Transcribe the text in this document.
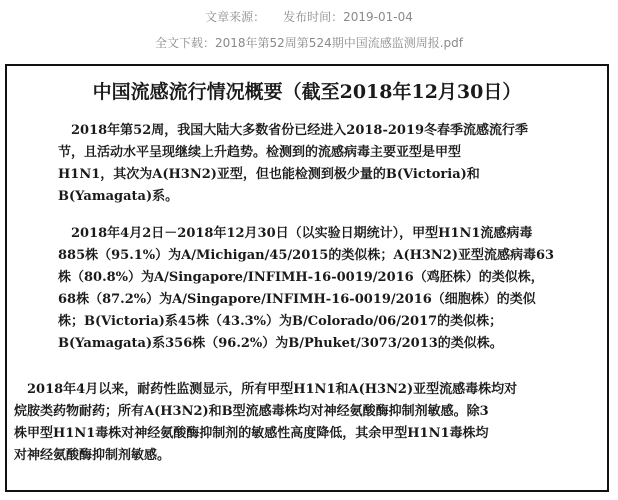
文章来源： 发布时间：2019-01-04
全文下载：2018年第52周第524期中国流感监测周报.pdf
中国流感流行情况概要（截至2018年12月30日）

2018年第52周，我国大陆大多数省份已经进入2018-2019冬春季流感流行季
节，且活动水平呈现继续上升趋势。检测到的流感病毒主要亚型是甲型
H1N1，其次为A(H3N2)亚型，但也能检测到极少量的B(Victoria)和
B(Yamagata)系。

2018年4月2日－2018年12月30日（以实验日期统计），甲型H1N1流感病毒
885株（95.1%）为A/Michigan/45/2015的类似株；A(H3N2)亚型流感病毒63
株（80.8%）为A/Singapore/INFIMH-16-0019/2016（鸡胚株）的类似株，
68株（87.2%）为A/Singapore/INFIMH-16-0019/2016（细胞株）的类似
株；B(Victoria)系45株（43.3%）为B/Colorado/06/2017的类似株；
B(Yamagata)系356株（96.2%）为B/Phuket/3073/2013的类似株。

2018年4月以来，耐药性监测显示，所有甲型H1N1和A(H3N2)亚型流感毒株均对
烷胺类药物耐药；所有A(H3N2)和B型流感毒株均对神经氨酸酶抑制剂敏感。除3
株甲型H1N1毒株对神经氨酸酶抑制剂的敏感性高度降低，其余甲型H1N1毒株均
对神经氨酸酶抑制剂敏感。
